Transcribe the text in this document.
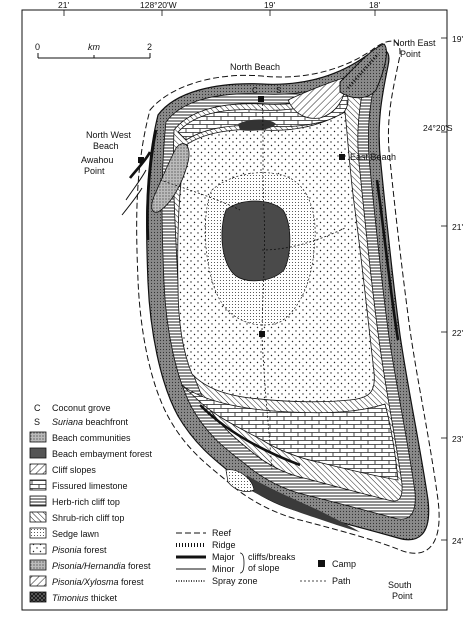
21'	128°20'W	19'	18'
19'
24°20'S
21'
22'
23'
24'
0	km	2
North Beach
North East
Point
North West
Beach
Awahou
Point
East Beach
South
Point
C S
C Coconut grove
S Suriana beachfront
Beach communities
Beach embayment forest
Cliff slopes
Fissured limestone
Herb-rich cliff top
Shrub-rich cliff top
Sedge lawn
Pisonia forest
Pisonia/Hernandia forest
Pisonia/Xylosma forest
Timonius thicket
Reef
Ridge
Major
Minor
cliffs/breaks
of slope
Spray zone
Camp
Path
